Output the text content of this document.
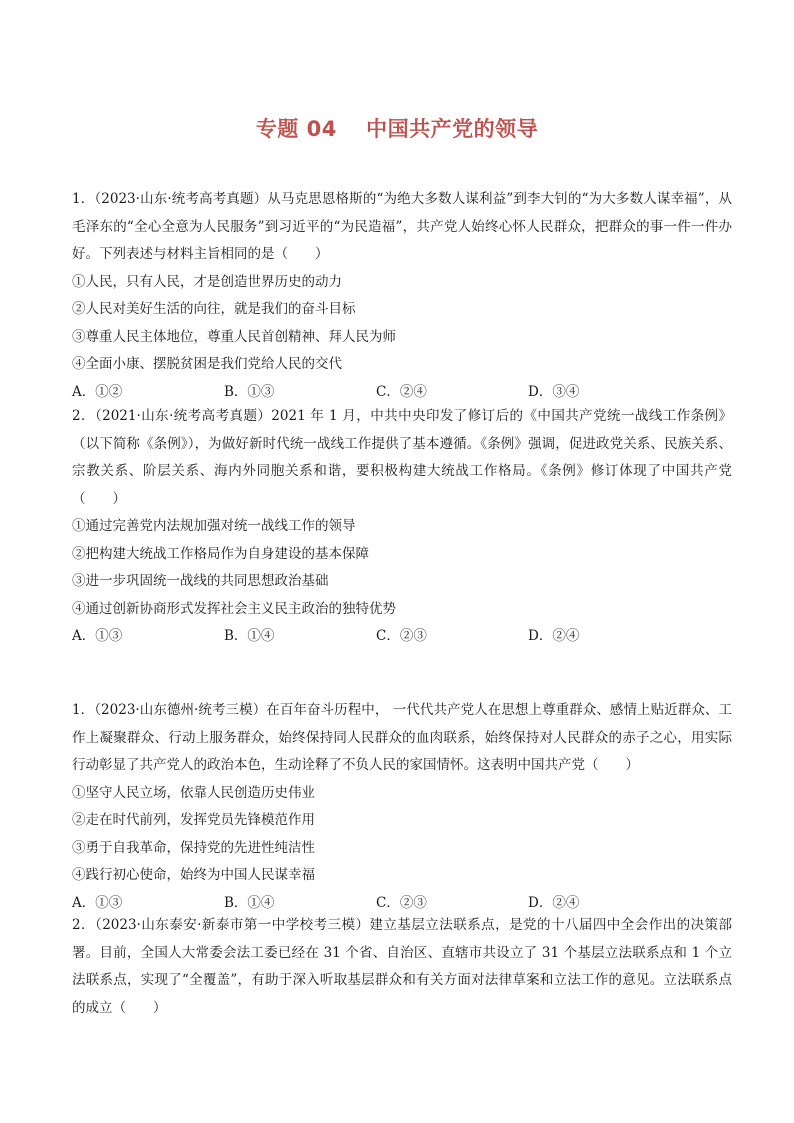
专题 04　 中国共产党的领导

1．（2023·山东·统考高考真题）从马克思恩格斯的“为绝大多数人谋利益”到李大钊的“为大多数人谋幸福”，从毛泽东的“全心全意为人民服务”到习近平的“为民造福”，共产党人始终心怀人民群众，把群众的事一件一件办好。下列表述与材料主旨相同的是（　　）

①人民，只有人民，才是创造世界历史的动力

②人民对美好生活的向往，就是我们的奋斗目标

③尊重人民主体地位，尊重人民首创精神、拜人民为师

④全面小康、摆脱贫困是我们党给人民的交代

A．①②	B．①③	C．②④	D．③④

2．（2021·山东·统考高考真题）2021 年 1 月，中共中央印发了修订后的《中国共产党统一战线工作条例》（以下简称《条例》），为做好新时代统一战线工作提供了基本遵循。《条例》强调，促进政党关系、民族关系、宗教关系、阶层关系、海内外同胞关系和谐，要积极构建大统战工作格局。《条例》修订体现了中国共产党（　　）

①通过完善党内法规加强对统一战线工作的领导

②把构建大统战工作格局作为自身建设的基本保障

③进一步巩固统一战线的共同思想政治基础

④通过创新协商形式发挥社会主义民主政治的独特优势

A．①③	B．①④	C．②③	D．②④

1．（2023·山东德州·统考三模）在百年奋斗历程中， 一代代共产党人在思想上尊重群众、感情上贴近群众、工作上凝聚群众、行动上服务群众，始终保持同人民群众的血肉联系，始终保持对人民群众的赤子之心，用实际行动彰显了共产党人的政治本色，生动诠释了不负人民的家国情怀。这表明中国共产党（　　）

①坚守人民立场，依靠人民创造历史伟业

②走在时代前列，发挥党员先锋模范作用

③勇于自我革命，保持党的先进性纯洁性

④践行初心使命，始终为中国人民谋幸福

A．①③	B．①④	C．②③	D．②④

2．（2023·山东泰安·新泰市第一中学校考三模）建立基层立法联系点，是党的十八届四中全会作出的决策部署。目前，全国人大常委会法工委已经在 31 个省、自治区、直辖市共设立了 31 个基层立法联系点和 1 个立法联系点，实现了“全覆盖”，有助于深入听取基层群众和有关方面对法律草案和立法工作的意见。立法联系点的成立（　　）
